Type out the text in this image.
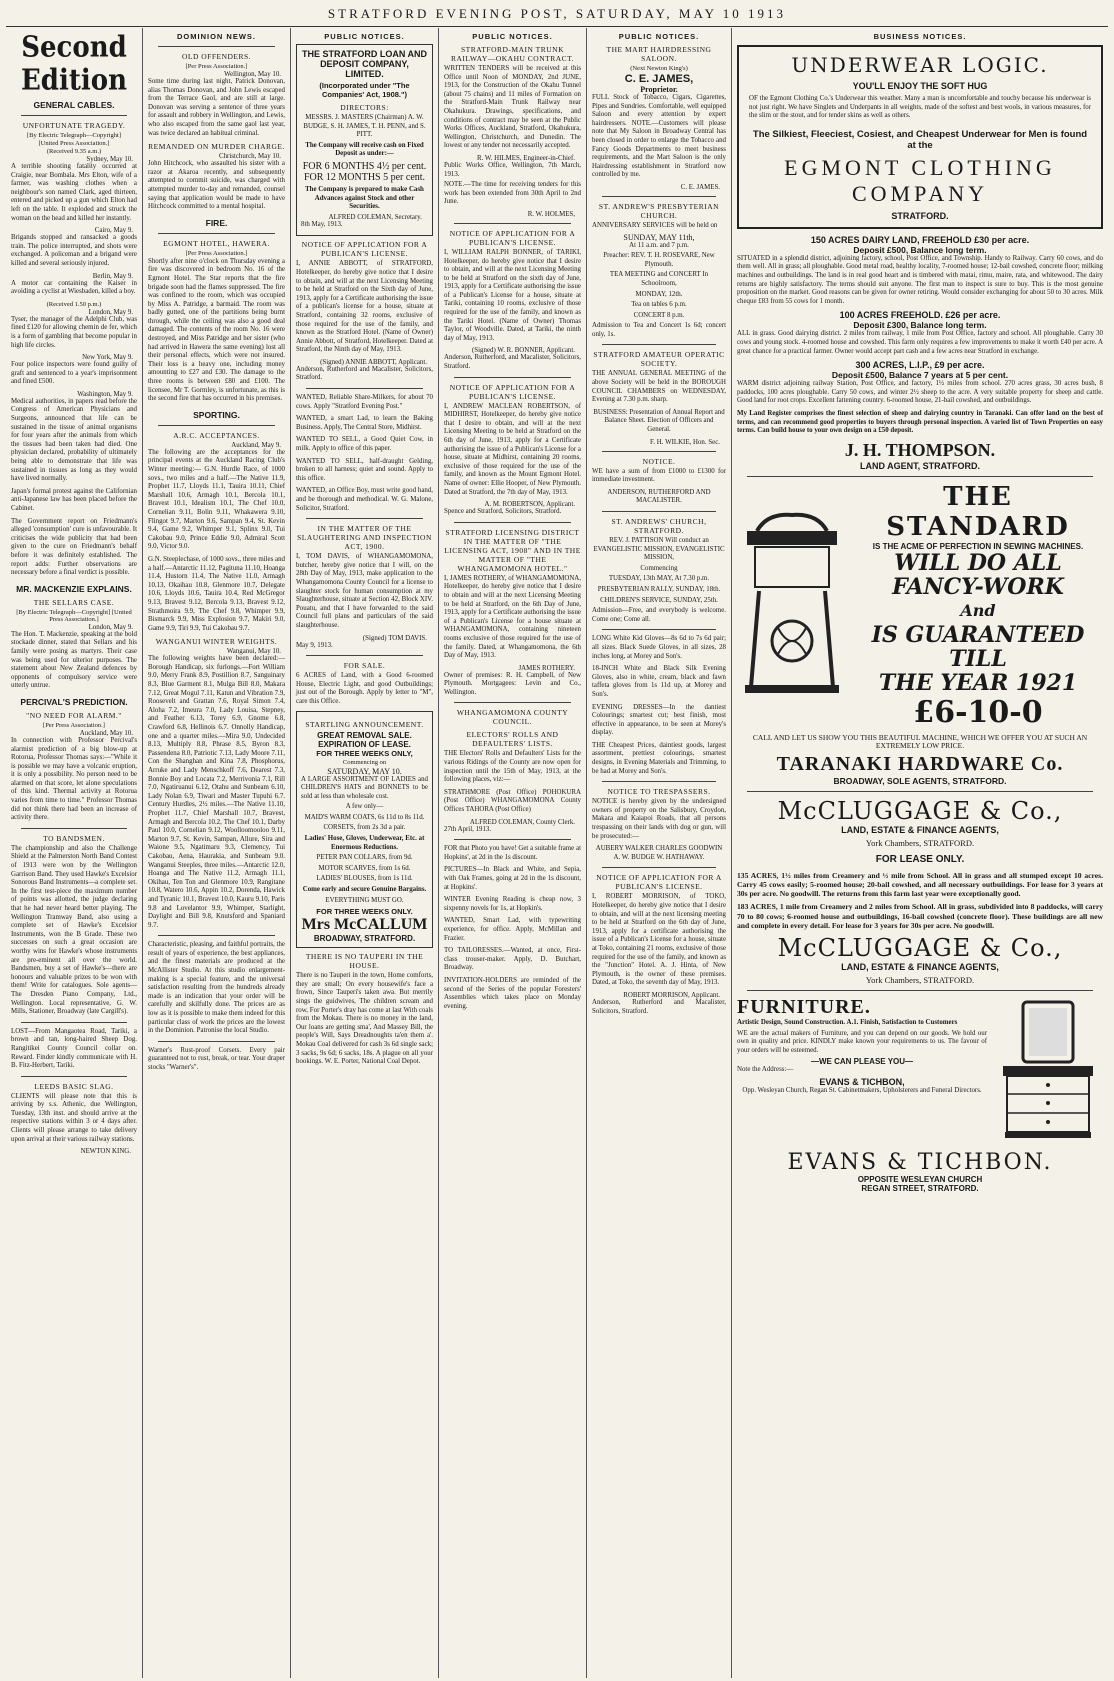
STRATFORD EVENING POST, SATURDAY, MAY 10 1913
Second Edition
GENERAL CABLES.
UNFORTUNATE TRAGEDY.
[By Electric Telegraph—Copyright]
[United Press Association.]
(Received 9.35 a.m.)
Sydney, May 10.
A terrible shooting fatality occurred at Craigie, near Bombala. Mrs Elton, wife of a farmer, was washing clothes when a neighbour's son named Clark, aged thirteen, entered and picked up a gun which Elton had left on the table. It exploded and struck the woman on the head and killed her instantly.
Cairo, May 9.
Brigands stopped and ransacked a goods train. The police interrupted, and shots were exchanged. A policeman and a brigand were killed and several seriously injured.
Berlin, May 9.
A motor car containing the Kaiser in avoiding a cyclist at Wiesbaden, killed a boy.
(Received 1.50 p.m.)
London, May 9.
Tyser, the manager of the Adelphi Club, was fined £120 for allowing chemin de fer, which is a form of gambling that become popular in high life circles.
New York, May 9.
Four police inspectors were found guilty of graft and sentenced to a year's imprisonment and fined £500.
Washington, May 9.
Medical authorities, in papers read before the Congress of American Physicians and Surgeons, announced that life can be sustained in the tissue of animal organisms for four years after the animals from which the tissues had been taken had died. One physician declared, probability of ultimately being able to demonstrate that life was sustained in tissues as long as they would have lived normally.
Japan's formal protest against the Californian anti-Japanese law has been placed before the Cabinet.
The Government report on Friedmann's alleged 'consumption' cure is unfavourable. It criticises the wide publicity that had been given to the cure on Friedmann's behalf before it was definitely established. The report adds: Further observations are necessary before a final verdict is possible.
MR. MACKENZIE EXPLAINS.
THE SELLARS CASE.
[By Electric Telegraph—Copyright] [United Press Association.]
London, May 9.
The Hon. T. Mackenzie, speaking at the bold stockade dinner, stated that Sellars and his family were posing as martyrs. Their case was being used for ulterior purposes. The statement about New Zealand defences by opponents of compulsory service were utterly untrue.
PERCIVAL'S PREDICTION.
"NO NEED FOR ALARM."
[Per Press Association.]
Auckland, May 10.
In connection with Professor Percival's alarmist prediction of a big blow-up at Rotorua, Professor Thomas says:—"While it is possible we may have a volcanic eruption, it is only a possibility. No person need to be alarmed on that score, let alone speculations of this kind. Thermal activity at Rotorua varies from time to time." Professor Thomas did not think there had been an increase of activity there.
TO BANDSMEN.
The championship and also the Challenge Shield at the Palmerston North Band Contest of 1913 were won by the Wellington Garrison Band. They used Hawke's Excelsior Sonorous Band Instruments—a complete set. In the first test-piece the maximum number of points was allotted, the judge declaring that he had never heard better playing. The Wellington Tramway Band, also using a complete set of Hawke's Excelsior Instruments, won the B Grade. These two successes on such a great occasion are worthy wins for Hawke's whose instruments are pre-eminent all over the world. Bandsmen, buy a set of Hawke's—there are honours and valuable prizes to be won with them! Write for catalogues. Sole agents—The Dresden Piano Company, Ltd., Wellington. Local representative, G. W. Mills, Stationer, Broadway (late Cargill's).
LOST—From Mangaotea Road, Tariki, a brown and tan, long-haired Sheep Dog. Rangitikei County Council collar on. Reward. Finder kindly communicate with H. B. Fitz-Herbert, Tariki.
LEEDS BASIC SLAG.
CLIENTS will please note that this is arriving by s.s. Athenic, due Wellington, Tuesday, 13th inst. and should arrive at the respective stations within 3 or 4 days after. Clients will please arrange to take delivery upon arrival at their various railway stations.
NEWTON KING.
DOMINION NEWS.
OLD OFFENDERS.
[Per Press Association.]
Wellington, May 10.
Some time during last night, Patrick Donovan, alias Thomas Donovan, and John Lewis escaped from the Terrace Gaol, and are still at large. Donovan was serving a sentence of three years for assault and robbery in Wellington, and Lewis, who also escaped from the same gaol last year, was twice declared an habitual criminal.
REMANDED ON MURDER CHARGE.
Christchurch, May 10.
John Hitchcock, who assaulted his sister with a razor at Akaroa recently, and subsequently attempted to commit suicide, was charged with attempted murder to-day and remanded, counsel saying that application would be made to have Hitchcock committed to a mental hospital.
FIRE.
EGMONT HOTEL, HAWERA.
[Per Press Association.]
Shortly after nine o'clock on Thursday evening a fire was discovered in bedroom No. 16 of the Egmont Hotel. The Star reports that the fire brigade soon had the flames suppressed. The fire was confined to the room, which was occupied by Miss A. Patridge, a barmaid. The room was badly gutted, one of the partitions being burnt through, while the ceiling was also a good deal damaged. The contents of the room No. 16 were destroyed, and Miss Patridge and her sister (who had arrived in Hawera the same evening) lost all their personal effects, which were not insured. Their loss is a heavy one, including money amounting to £27 and £30. The damage to the three rooms is between £80 and £100. The licensee, Mr T. Gormley, is unfortunate, as this is the second fire that has occurred in his premises.
SPORTING.
A.R.C. ACCEPTANCES.
Auckland, May 9.
The following are the acceptances for the principal events at the Auckland Racing Club's Winter meeting:— G.N. Hurdle Race, of 1000 sovs., two miles and a half.—The Native 11.9, Prophet 11.7, Lloyds 11.1, Tauira 10.11, Chief Marshall 10.6, Armagh 10.1, Bercola 10.1, Bravest 10.1, Idealism 10.1, The Chef 10.0, Cornelian 9.11, Bolin 9.11, Whakawera 9.10, Flingot 9.7, Marton 9.6, Sampan 9.4, St. Kevin 9.4, Game 9.2, Whimper 9.1, Splinx 9.0, Tui Cakobau 9.0, Prince Eddie 9.0, Admiral Scott 9.0, Victor 9.0.
G.N. Steeplechase, of 1000 sovs., three miles and a half.—Antarctic 11.12, Pagituna 11.10, Hoanga 11.4, Hustorn 11.4, The Native 11.0, Armagh 10.13, Okaihau 10.8, Glenmore 10.7, Delegate 10.6, Lloyds 10.6, Tauira 10.4, Red McGregor 9.13, Bravest 9.12, Bercola 9.13, Bravest 9.12, Strathmoira 9.9, The Chef 9.8, Whimper 9.9, Bismarck 9.9, Miss Explosion 9.7, Makiri 9.0, Game 9.9, Tiri 9.9, Tui Cakobau 9.7.
WANGANUI WINTER WEIGHTS.
Wanganui, May 10.
The following weights have been declared:— Borough Handicap, six furlongs.—Fort William 9.0, Merry Frank 8.9, Postillion 8.7, Sanguinary 8.3, Blue Garment 8.1, Mulga Bill 8.0, Makara 7.12, Great Mogul 7.11, Katun and Vibration 7.9, Roosevelt and Grattan 7.6, Royal Simon 7.4, Aloha 7.2, Imeura 7.0, Lady Louisa, Stepney, and Feather 6.13, Torey 6.9, Gnome 6.8, Crawford 6.8, Hellinois 6.7. Onnolly Handicap, one and a quarter miles.—Mira 9.0, Undecided 8.13, Multiply 8.8, Phrase 8.5, Byron 8.3, Passendena 8.0, Patriotic 7.13, Lady Moore 7.11, Con the Shanghan and Kina 7.8, Phosphorus, Arruke and Lady Menschkoff 7.6, Dearest 7.3, Bonnie Boy and Locata 7.2, Merrivonia 7.1, Rill 7.0, Ngatiruanui 6.12, Otahu and Sunbeam 6.10, Lady Nolan 6.9, Tiwari and Master Tupuhi 6.7. Century Hurdles, 2½ miles.—The Native 11.10, Prophet 11.7, Chief Marshall 10.7, Bravest, Armagh and Bercola 10.2, The Chef 10.1, Darby Paul 10.0, Cornelian 9.12, Woolloomooloo 9.11, Marton 9.7, St. Kevin, Sampan, Allure, Sira and Waione 9.5, Ngatimaru 9.3, Clemency, Tui Cakobau, Aena, Haurakia, and Sunbeam 9.0. Wanganui Steeples, three miles.—Antarctic 12.0, Hoanga and The Native 11.2, Armagh 11.1, Okihau, Ten Ton and Glenmore 10.9, Rangitane 10.8, Watero 10.6, Appin 10.2, Dorenda, Hawick and Tyranic 10.1, Bravest 10.0, Kauru 9.10, Paris 9.8 and Lovelantor 9.9, Whimper, Starlight, Daylight and Bill 9.8, Knutsford and Spaniard 9.7.
Characteristic, pleasing, and faithful portraits, the result of years of experience, the best appliances, and the finest materials are produced at the McAllister Studio. At this studio enlargement-making is a special feature, and the universal satisfaction resulting from the hundreds already made is an indication that your order will be carefully and skilfully done. The prices are as low as it is possible to make them indeed for this particular class of work the prices are the lowest in the Dominion. Patronise the local Studio.
Warner's Rust-proof Corsets. Every pair guaranteed not to rust, break, or tear. Your draper stocks "Warner's".
PUBLIC NOTICES.
THE STRATFORD LOAN AND DEPOSIT COMPANY, LIMITED.
(Incorporated under "The Companies' Act, 1908.")
DIRECTORS:
MESSRS. J. MASTERS (Chairman) A. W. BUDGE, S. H. JAMES, T. H. PENN, and S. PITT.
The Company will receive cash on Fixed Deposit as under:—
FOR 6 MONTHS 4½ per cent.
FOR 12 MONTHS 5 per cent.
The Company is prepared to make Cash Advances against Stock and other Securities.
ALFRED COLEMAN, Secretary.
8th May, 1913.
NOTICE OF APPLICATION FOR A PUBLICAN'S LICENSE.
I, ANNIE ABBOTT, of STRATFORD, Hotelkeeper, do hereby give notice that I desire to obtain, and will at the next Licensing Meeting to be held at Stratford on the Sixth day of June, 1913, apply for a Certificate authorising the issue of a publican's license for a house, situate at Stratford, containing 32 rooms, exclusive of those required for the use of the family, and known as the Stratford Hotel. (Name of Owner) Annie Abbott, of Stratford, Hotelkeeper. Dated at Stratford, the Ninth day of May, 1913.
(Signed) ANNIE ABBOTT, Applicant.
Anderson, Rutherford and Macalister, Solicitors, Stratford.
WANTED, Reliable Share-Milkers, for about 70 cows. Apply "Stratford Evening Post."
WANTED, a smart Lad, to learn the Baking Business. Apply, The Central Store, Midhirst.
WANTED TO SELL, a Good Quiet Cow, in milk. Apply to office of this paper.
WANTED TO SELL, half-draught Gelding, broken to all harness; quiet and sound. Apply to this office.
WANTED, an Office Boy, must write good hand, and be thorough and methodical. W. G. Malone, Solicitor, Stratford.
IN THE MATTER OF THE SLAUGHTERING AND INSPECTION ACT, 1900.
I, TOM DAVIS, of WHANGAMOMONA, butcher, hereby give notice that I will, on the 28th Day of May, 1913, make application to the Whangamomona County Council for a license to slaughter stock for human consumption at my Slaughterhouse, situate at Section 42, Block XIV. Pouatu, and that I have forwarded to the said Council full plans and particulars of the said slaughterhouse.
(Signed) TOM DAVIS.
May 9, 1913.
FOR SALE.
6 ACRES of Land, with a Good 6-roomed House, Electric Light, and good Outbuildings; just out of the Borough. Apply by letter to "M", care this Office.
STARTLING ANNOUNCEMENT.
GREAT REMOVAL SALE.
EXPIRATION OF LEASE.
FOR THREE WEEKS ONLY,
Commencing on
SATURDAY, MAY 10.
A LARGE ASSORTMENT OF LADIES and CHILDREN'S HATS and BONNETS to be sold at less than wholesale cost.
A few only—
MAID'S WARM COATS, 6s 11d to 8s 11d.
CORSETS, from 2s 3d a pair.
Ladies' Hose, Gloves, Underwear, Etc. at Enormous Reductions.
PETER PAN COLLARS, from 9d.
MOTOR SCARVES, from 1s 6d.
LADIES' BLOUSES, from 1s 11d.
Come early and secure Genuine Bargains.
EVERYTHING MUST GO.
FOR THREE WEEKS ONLY.
Mrs McCALLUM
BROADWAY, STRATFORD.
THERE IS NO TAUPERI IN THE HOUSE.
There is no Tauperi in the town, Home comforts, they are small; On every housewife's face a frown, Since Tauperi's taken awa. But merrily sings the guidwives, The children scream and row, For Porter's dray has come at last With coals from the Mokau. There is no money in the land, Our loans are getting sma', And Massey Bill, the people's Will, Says Dreadnoughts ta'en them a'. Mokau Coal delivered for cash 3s 6d single sack; 3 sacks, 9s 6d; 6 sacks, 18s. A plague on all your bookings. W. E. Porter, National Coal Depot.
PUBLIC NOTICES.
STRATFORD-MAIN TRUNK RAILWAY—OKAHU CONTRACT.
WRITTEN TENDERS will be received at this Office until Noon of MONDAY, 2nd JUNE, 1913, for the Construction of the Okahu Tunnel (about 75 chains) and 11 miles of Formation on the Stratford-Main Trunk Railway near Okahukura. Drawings, specifications, and conditions of contract may be seen at the Public Works Offices, Auckland, Stratford, Okahukura, Wellington, Christchurch, and Dunedin. The lowest or any tender not necessarily accepted.
R. W. HILMES, Engineer-in-Chief.
Public Works Office, Wellington, 7th March, 1913.
NOTE.—The time for receiving tenders for this work has been extended from 30th April to 2nd June.
R. W. HOLMES,
NOTICE OF APPLICATION FOR A PUBLICAN'S LICENSE.
I, WILLIAM RALPH BONNER, of TARIKI, Hotelkeeper, do hereby give notice that I desire to obtain, and will at the next Licensing Meeting to be held at Stratford on the sixth day of June, 1913, apply for a Certificate authorising the issue of a Publican's License for a house, situate at Tariki, containing 10 rooms, exclusive of those required for the use of the family, and known as the Tariki Hotel. (Name of Owner) Thomas Taylor, of Woodville. Dated, at Tariki, the ninth day of May, 1913.
(Signed) W. R. BONNER, Applicant.
Anderson, Rutherford, and Macalister, Solicitors, Stratford.
NOTICE OF APPLICATION FOR A PUBLICAN'S LICENSE.
I, ANDREW MACLEAN ROBERTSON, of MIDHIRST, Hotelkeeper, do hereby give notice that I desire to obtain, and will at the next Licensing Meeting to be held at Stratford on the 6th day of June, 1913, apply for a Certificate authorising the issue of a Publican's License for a house, situate at Midhirst, containing 20 rooms, exclusive of those required for the use of the family, and known as the Mount Egmont Hotel. Name of owner: Ellie Hooper, of New Plymouth. Dated at Stratford, the 7th day of May, 1913.
A. M. ROBERTSON, Applicant.
Spence and Stratford, Solicitors, Stratford.
STRATFORD LICENSING DISTRICT IN THE MATTER OF "THE LICENSING ACT, 1908" AND IN THE MATTER OF "THE WHANGAMOMONA HOTEL."
I, JAMES ROTHERY, of WHANGAMOMONA, Hotelkeeper, do hereby give notice that I desire to obtain and will at the next Licensing Meeting to be held at Stratford, on the 6th Day of June, 1913, apply for a Certificate authorising the issue of a Publican's License for a house situate at WHANGAMOMONA, containing nineteen rooms exclusive of those required for the use of the family. Dated, at Whangamomona, the 6th Day of May, 1913.
JAMES ROTHERY.
Owner of premises: R. H. Campbell, of New Plymouth. Mortgagees: Levin and Co., Wellington.
WHANGAMOMONA COUNTY COUNCIL.
ELECTORS' ROLLS AND DEFAULTERS' LISTS.
THE Electors' Rolls and Defaulters' Lists for the various Ridings of the County are now open for inspection until the 15th of May, 1913, at the following places, viz:—
STRATHMORE (Post Office) POHOKURA (Post Office) WHANGAMOMONA County Offices TAHORA (Post Office)
ALFRED COLEMAN, County Clerk.
27th April, 1913.
FOR that Photo you have! Get a suitable frame at Hopkins', at 2d in the 1s discount.
PICTURES—In Black and White, and Sepia, with Oak Frames, going at 2d in the 1s discount, at Hopkins'.
WINTER Evening Reading is cheap now, 3 sixpenny novels for 1s, at Hopkin's.
WANTED, Smart Lad, with typewriting experience, for office. Apply, McMillan and Frazier.
TO TAILORESSES.—Wanted, at once, First-class trouser-maker. Apply, D. Butchart, Broadway.
INVITATION-HOLDERS are reminded of the second of the Series of the popular Foresters' Assemblies which takes place on Monday evening.
PUBLIC NOTICES.
THE MART HAIRDRESSING SALOON.
(Next Newton King's)
C. E. JAMES,
Proprietor.
FULL Stock of Tobacco, Cigars, Cigarettes, Pipes and Sundries. Comfortable, well equipped Saloon and every attention by expert hairdressers. NOTE.—Customers will please note that My Saloon in Broadway Central has been closed in order to enlarge the Tobacco and Fancy Goods Departments to meet business requirements, and the Mart Saloon is the only Hairdressing establishment in Stratford now controlled by me.
C. E. JAMES.
ST. ANDREW'S PRESBYTERIAN CHURCH.
ANNIVERSARY SERVICES will be held on
SUNDAY, MAY 11th,
At 11 a.m. and 7 p.m.
Preacher: REV. T. H. ROSEVARE, New Plymouth.
TEA MEETING and CONCERT In Schoolroom,
MONDAY, 12th.
Tea on tables 6 p.m.
CONCERT 8 p.m.
Admission to Tea and Concert 1s 6d; concert only, 1s.
STRATFORD AMATEUR OPERATIC SOCIETY.
THE ANNUAL GENERAL MEETING of the above Society will be held in the BOROUGH COUNCIL CHAMBERS on WEDNESDAY, Evening at 7.30 p.m. sharp.
BUSINESS: Presentation of Annual Report and Balance Sheet. Election of Officers and General.
F. H. WILKIE, Hon. Sec.
NOTICE.
WE have a sum of from £1000 to £1300 for immediate investment.
ANDERSON, RUTHERFORD AND MACALISTER.
ST. ANDREWS' CHURCH, STRATFORD.
REV. J. PATTISON Will conduct an EVANGELISTIC MISSION, EVANGELISTIC MISSION,
Commencing
TUESDAY, 13th MAY, At 7.30 p.m.
PRESBYTERIAN RALLY, SUNDAY, 18th.
CHILDREN'S SERVICE, SUNDAY, 25th.
Admission—Free, and everybody is welcome. Come one; Come all.
LONG White Kid Gloves—8s 6d to 7s 6d pair; all sizes. Black Suede Gloves, in all sizes, 28 inches long, at Morey and Son's.
18-INCH White and Black Silk Evening Gloves, also in white, cream, black and fawn taffeta gloves from 1s 11d up, at Morey and Son's.
EVENING DRESSES—In the dantiest Colourings; smartest cut; best finish, most effective in appearance, to be seen at Morey's display.
THE Cheapest Prices, daintiest goods, largest assortment, prettiest colourings, smartest designs, in Evening Materials and Trimming, to be had at Morey and Son's.
NOTICE TO TRESPASSERS.
NOTICE is hereby given by the undersigned owners of property on the Salisbury, Croydon, Makara and Kaiapoi Roads, that all persons trespassing on their lands with dog or gun, will be prosecuted:—
AUBERY WALKER CHARLES GOODWIN A. W. BUDGE W. HATHAWAY.
NOTICE OF APPLICATION FOR A PUBLICAN'S LICENSE.
I, ROBERT MORRISON, of TOKO, Hotelkeeper, do hereby give notice that I desire to obtain, and will at the next licensing meeting to be held at Stratford on the 6th day of June, 1913, apply for a certificate authorising the issue of a Publican's License for a house, situate at Toko, containing 21 rooms, exclusive of those required for the use of the family, and known as the "Junction" Hotel. A. J. Hinta, of New Plymouth, is the owner of these premises. Dated, at Toko, the seventh day of May, 1913.
ROBERT MORRISON, Applicant.
Anderson, Rutherford and Macalister, Solicitors, Stratford.
BUSINESS NOTICES.
UNDERWEAR LOGIC.
YOU'LL ENJOY THE SOFT HUG
OF the Egmont Clothing Co.'s Underwear this weather. Many a man is uncomfortable and touchy because his underwear is not just right. We have Singlets and Underpants in all weights, made of the softest and best wools, in various measures, for the slim or the stout, and for tender skins as well as others.
The Silkiest, Fleeciest, Cosiest, and Cheapest Underwear for Men is found at the
EGMONT CLOTHING
COMPANY
STRATFORD.
150 ACRES DAIRY LAND, FREEHOLD £30 per acre.
Deposit £500, Balance long term.
SITUATED in a splendid district, adjoining factory, school, Post Office, and Township. Handy to Railway. Carry 60 cows, and do them well. All in grass; all ploughable. Good metal road, healthy locality, 7-roomed house; 12-bail cowshed, concrete floor; milking machines and outbuildings. The land is in real good heart and is timbered with matai, rimu, maire, rata, and whitewood. The dairy returns are highly satisfactory. The terms should suit anyone. The first man to inspect is sure to buy. This is the most genuine proposition on the market. Good reasons can be given for owner retiring. Would consider exchanging for about 50 to 30 acres. Milk cheque £83 from 55 cows for 1 month.
100 ACRES FREEHOLD. £26 per acre.
Deposit £300, Balance long term.
ALL in grass. Good dairying district. 2 miles from railway, 1 mile from Post Office, factory and school. All ploughable. Carry 30 cows and young stock. 4-roomed house and cowshed. This farm only requires a few improvements to make it worth £40 per acre. A great chance for a practical farmer. Owner would accept part cash and a few acres near Stratford in exchange.
300 ACRES, L.I.P., £9 per acre.
Deposit £500, Balance 7 years at 5 per cent.
WARM district adjoining railway Station, Post Office, and factory, 1½ miles from school. 270 acres grass, 30 acres bush, 8 paddocks, 100 acres ploughable. Carry 50 cows, and winter 2½ sheep to the acre. A very suitable property for sheep and cattle. Good land for root crops. Excellent fattening country. 6-roomed house, 21-bail cowshed, and outbuildings.
My Land Register comprises the finest selection of sheep and dairying country in Taranaki. Can offer land on the best of terms, and can recommend good properties to buyers through personal inspection. A varied list of Town Properties on easy terms. Can build house to your own design on a £50 deposit.
J. H. THOMPSON.
LAND AGENT, STRATFORD.
THE STANDARD
IS THE ACME OF PERFECTION IN SEWING MACHINES.
WILL DO ALL
FANCY-WORK
And
IS GUARANTEED
TILL
THE YEAR 1921
£6-10-0
CALL AND LET US SHOW YOU THIS BEAUTIFUL MACHINE, WHICH WE OFFER YOU AT SUCH AN EXTREMELY LOW PRICE.
TARANAKI HARDWARE Co.
BROADWAY, SOLE AGENTS, STRATFORD.
McCLUGGAGE & Co.,
LAND, ESTATE & FINANCE AGENTS,
York Chambers, STRATFORD.
FOR LEASE ONLY.
135 ACRES, 1½ miles from Creamery and ½ mile from School. All in grass and all stumped except 10 acres. Carry 45 cows easily; 5-roomed house; 20-bail cowshed, and all necessary outbuildings. For lease for 3 years at 30s per acre. No goodwill. The returns from this farm last year were exceptionally good.
183 ACRES, 1 mile from Creamery and 2 miles from School. All in grass, subdivided into 8 paddocks, will carry 70 to 80 cows; 6-roomed house and outbuildings, 16-bail cowshed (concrete floor). These buildings are all new and complete in every detail. For lease for 3 years for 30s per acre. No goodwill.
McCLUGGAGE & Co.,
LAND, ESTATE & FINANCE AGENTS,
York Chambers, STRATFORD.
FURNITURE.
Artistic Design, Sound Construction. A.1. Finish, Satisfaction to Customers
WE are the actual makers of Furniture, and you can depend on our goods. We hold our own in quality and price. KINDLY make known your requirements to us. The favour of your orders will be esteemed.
—WE CAN PLEASE YOU—
Note the Address:—
EVANS & TICHBON,
Opp. Wesleyan Church, Regan St. Cabinetmakers, Upholsterers and Funeral Directors.
EVANS & TICHBON.
OPPOSITE WESLEYAN CHURCH
REGAN STREET, STRATFORD.
